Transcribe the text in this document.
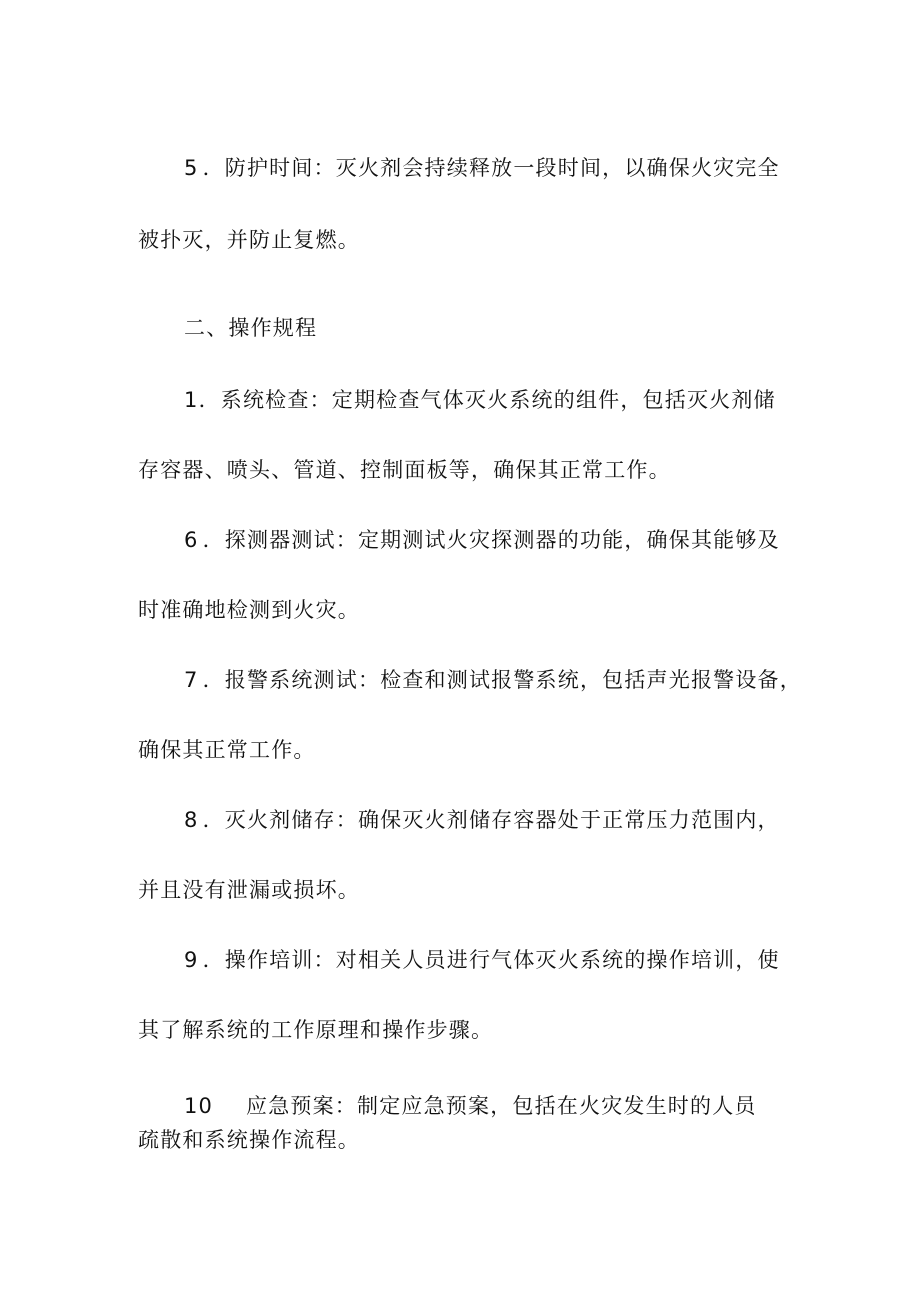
5 ．防护时间：灭火剂会持续释放一段时间，以确保火灾完全

被扑灭，并防止复燃。

二、操作规程

1．系统检查：定期检查气体灭火系统的组件，包括灭火剂储

存容器、喷头、管道、控制面板等，确保其正常工作。

6 ．探测器测试：定期测试火灾探测器的功能，确保其能够及

时准确地检测到火灾。

7 ．报警系统测试：检查和测试报警系统，包括声光报警设备，

确保其正常工作。

8 ．灭火剂储存：确保灭火剂储存容器处于正常压力范围内，

并且没有泄漏或损坏。

9 ．操作培训：对相关人员进行气体灭火系统的操作培训，使

其了解系统的工作原理和操作步骤。

10 应急预案：制定应急预案，包括在火灾发生时的人员

疏散和系统操作流程。
